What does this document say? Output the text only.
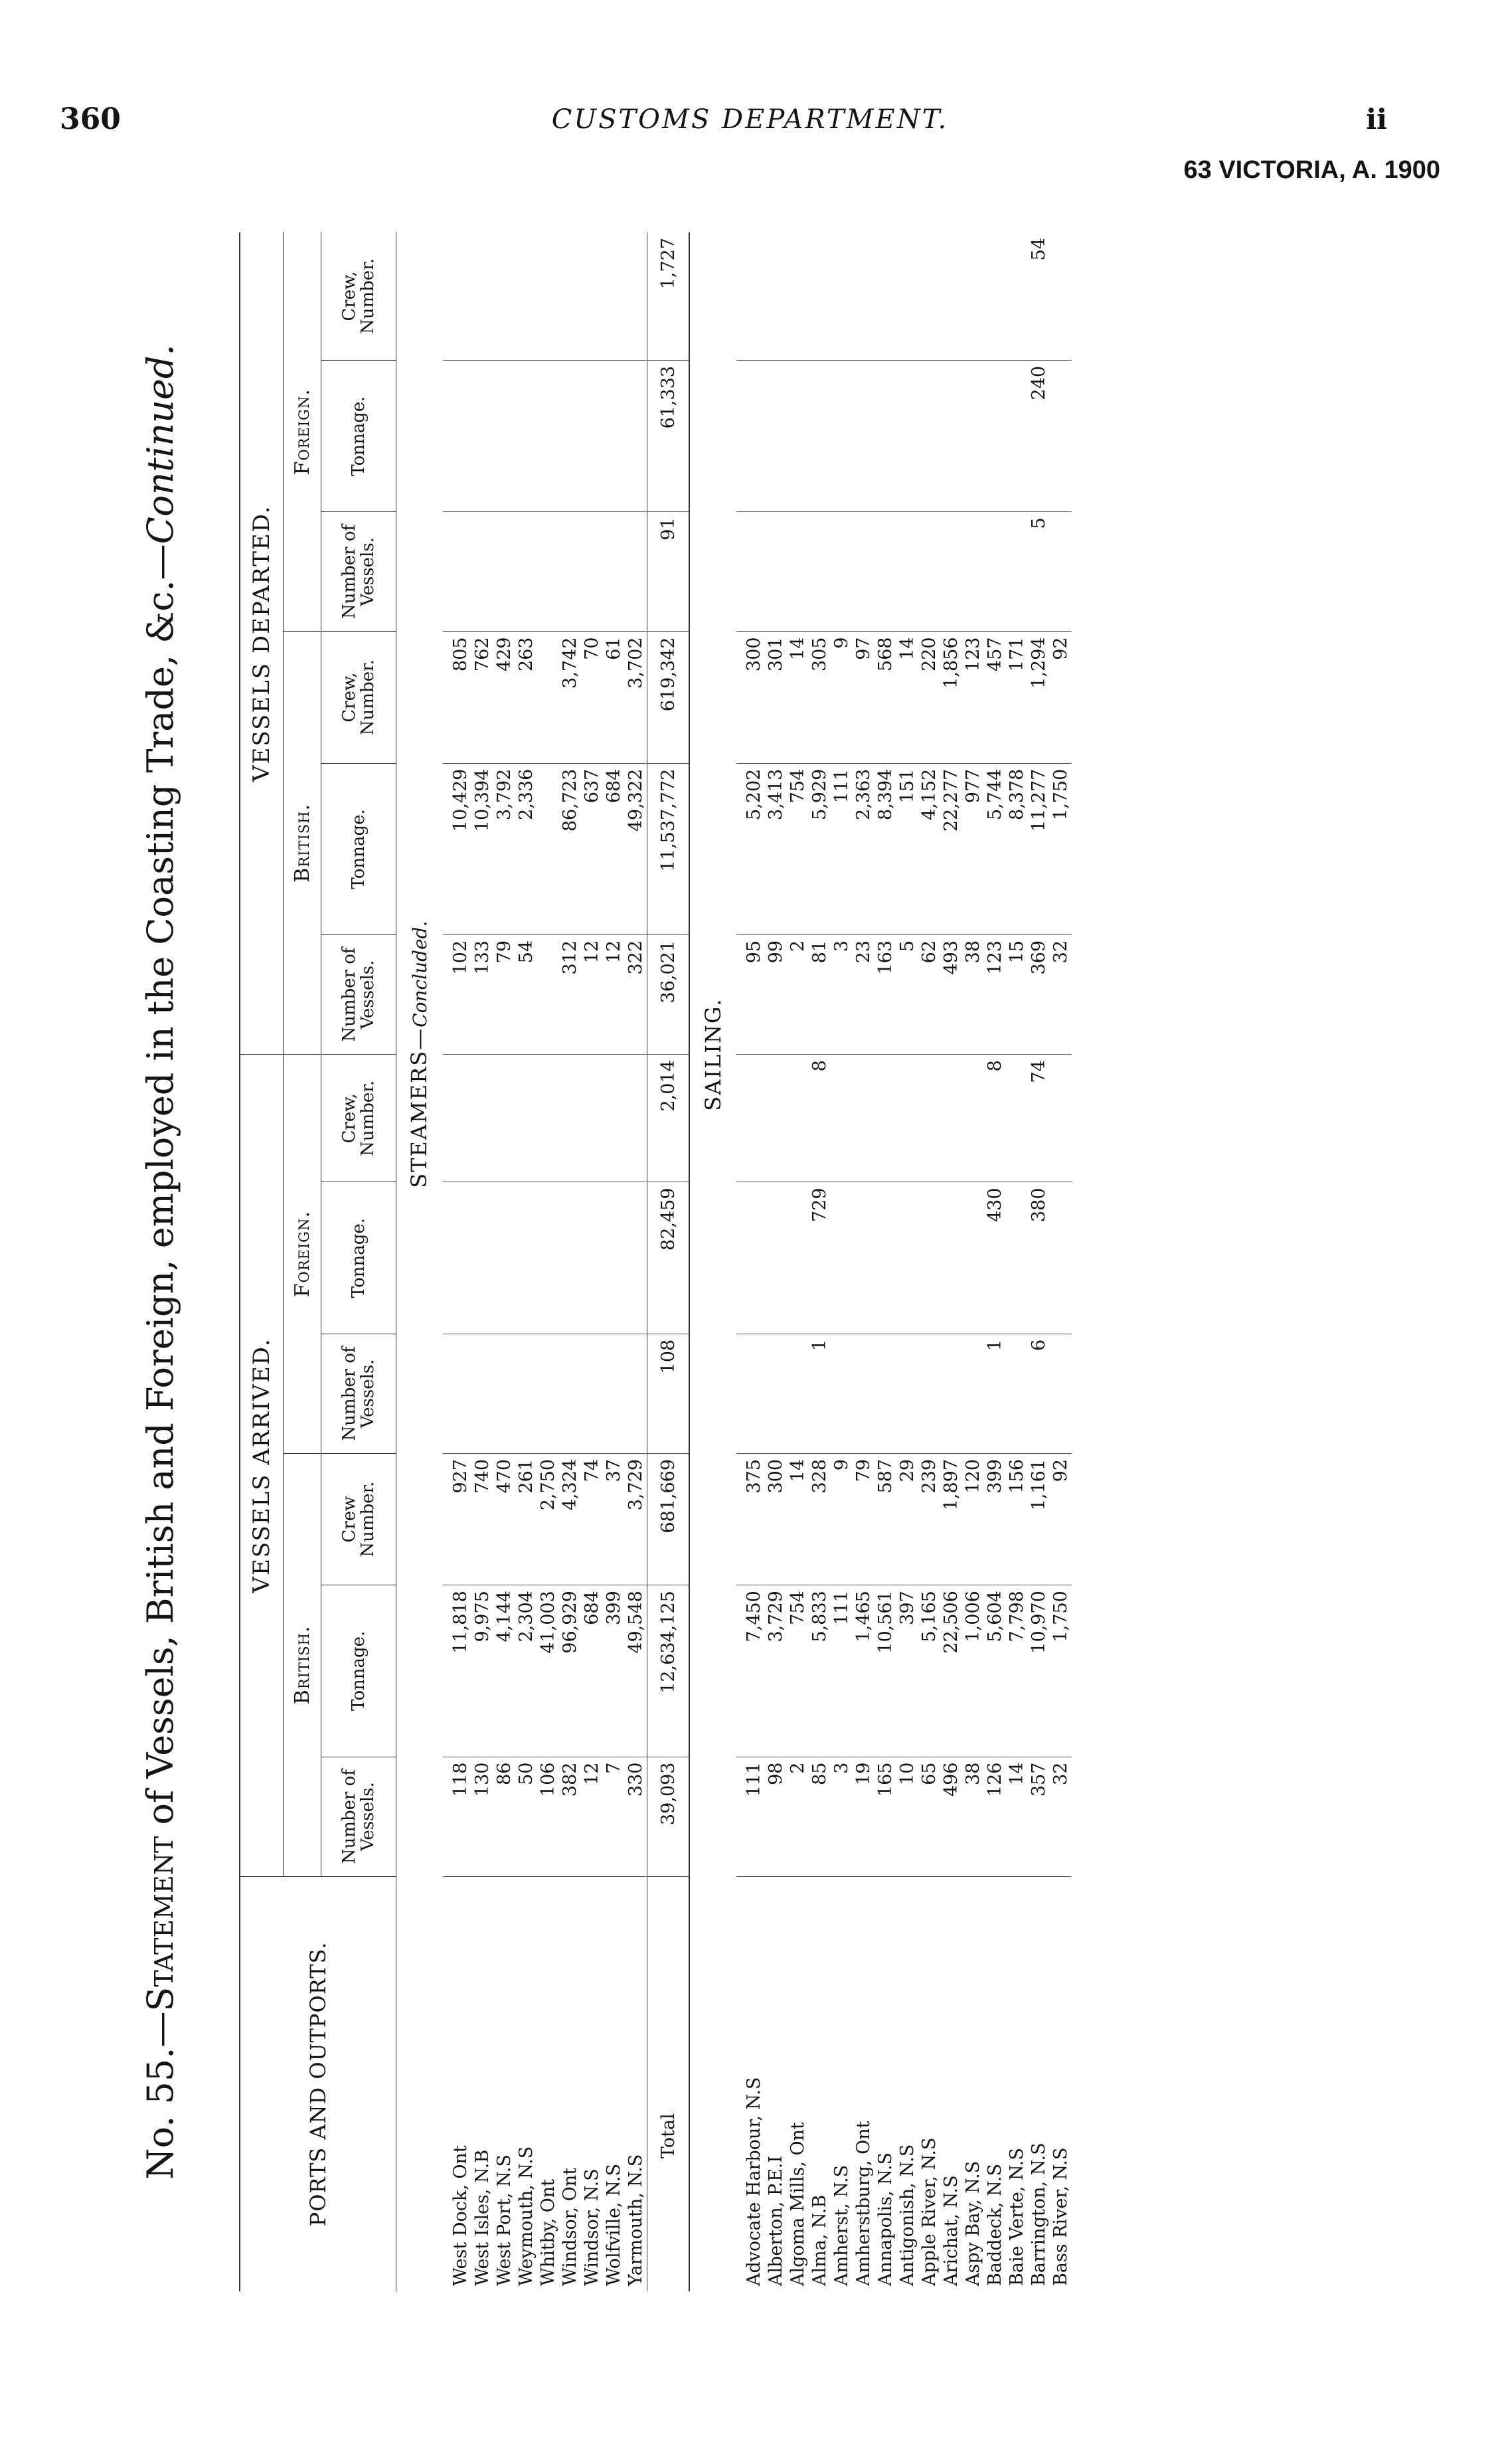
360	CUSTOMS DEPARTMENT.	ii
63 VICTORIA, A. 1900
No. 55.—Statement of Vessels, British and Foreign, employed in the Coasting Trade, &c.—Continued.
PORTS AND OUTPORTS.	VESSELS ARRIVED.						VESSELS DEPARTED.					
	British.			Foreign.			British.			Foreign.		
	Number of Vessels.	Tonnage.	Crew Number.	Number of Vessels.	Tonnage.	Crew, Number.	Number of Vessels.	Tonnage.	Crew, Number.	Number of Vessels.	Tonnage.	Crew, Number.
	STEAMERS—Concluded.											
West Dock, Ont	118	11,818	927				102	10,429	805			
West Isles, N.B	130	9,975	740				133	10,394	762			
West Port, N.S	86	4,144	470				79	3,792	429			
Weymouth, N.S	50	2,304	261				54	2,336	263			
Whitby, Ont	106	41,003	2,750									
Windsor, Ont	382	96,929	4,324				312	86,723	3,742			
Windsor, N.S	12	684	74				12	637	70			
Wolfville, N.S	7	399	37				12	684	61			
Yarmouth, N.S	330	49,548	3,729				322	49,322	3,702			
Total	39,093	12,634,125	681,669	108	82,459	2,014	36,021	11,537,772	619,342	91	61,333	1,727
	SAILING.											
Advocate Harbour, N.S	111	7,450	375				95	5,202	300			
Alberton, P.E.I	98	3,729	300				99	3,413	301			
Algoma Mills, Ont	2	754	14				2	754	14			
Alma, N.B	85	5,833	328	1	729	8	81	5,929	305			
Amherst, N.S	3	111	9				3	111	9			
Amherstburg, Ont	19	1,465	79				23	2,363	97			
Annapolis, N.S	165	10,561	587				163	8,394	568			
Antigonish, N.S	10	397	29				5	151	14			
Apple River, N.S	65	5,165	239				62	4,152	220			
Arichat, N.S	496	22,506	1,897				493	22,277	1,856			
Aspy Bay, N.S	38	1,006	120				38	977	123			
Baddeck, N.S	126	5,604	399	1	430	8	123	5,744	457			
Baie Verte, N.S	14	7,798	156				15	8,378	171			
Barrington, N.S	357	10,970	1,161	6	380	74	369	11,277	1,294	5	240	54
Bass River, N.S	32	1,750	92				32	1,750	92			
